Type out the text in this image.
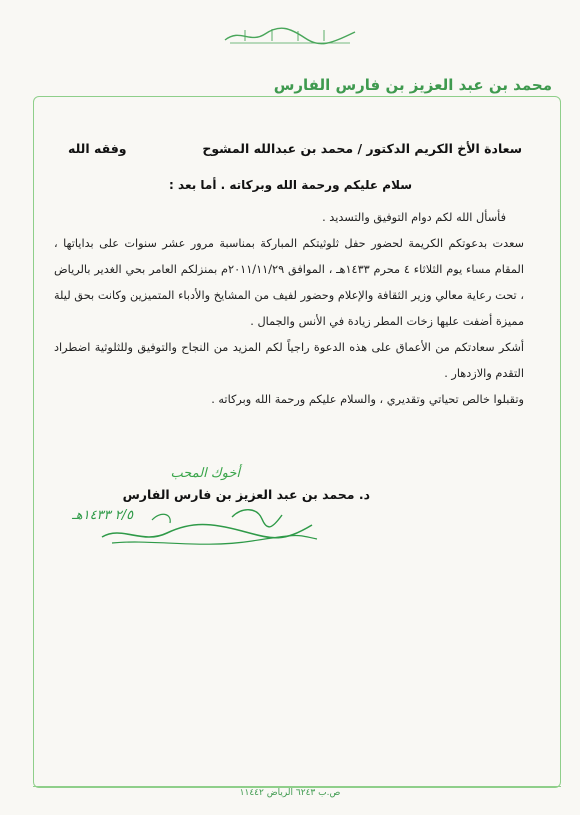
محمد بن عبد العزيز بن فارس الفارس
سعادة الأخ الكريم الدكتور / محمد بن عبدالله المشوح
وفقه الله
سلام عليكم ورحمة الله وبركاته . أما بعد :

فأسأل الله لكم دوام التوفيق والتسديد .

سعدت بدعوتكم الكريمة لحضور حفل ثلوثيتكم المباركة بمناسبة مرور عشر سنوات على بداياتها ، المقام مساء يوم الثلاثاء ٤ محرم ١٤٣٣هـ ، الموافق ٢٠١١/١١/٢٩م بمنزلكم العامر بحي الغدير بالرياض ، تحت رعاية معالي وزير الثقافة والإعلام وحضور لفيف من المشايخ والأدباء المتميزين وكانت بحق ليلة مميزة أضفت عليها زخات المطر زيادة في الأنس والجمال .

أشكر سعادتكم من الأعماق على هذه الدعوة راجياً لكم المزيد من النجاح والتوفيق وللثلوثية اضطراد التقدم والازدهار .

وتقبلوا خالص تحياتي وتقديري ، والسلام عليكم ورحمة الله وبركاته .

أخوك المحب
د. محمد بن عبد العزيز بن فارس الفارس
٢/٥ ١٤٣٣هـ
ص.ب ٦٢٤٣ الرياض ١١٤٤٢
